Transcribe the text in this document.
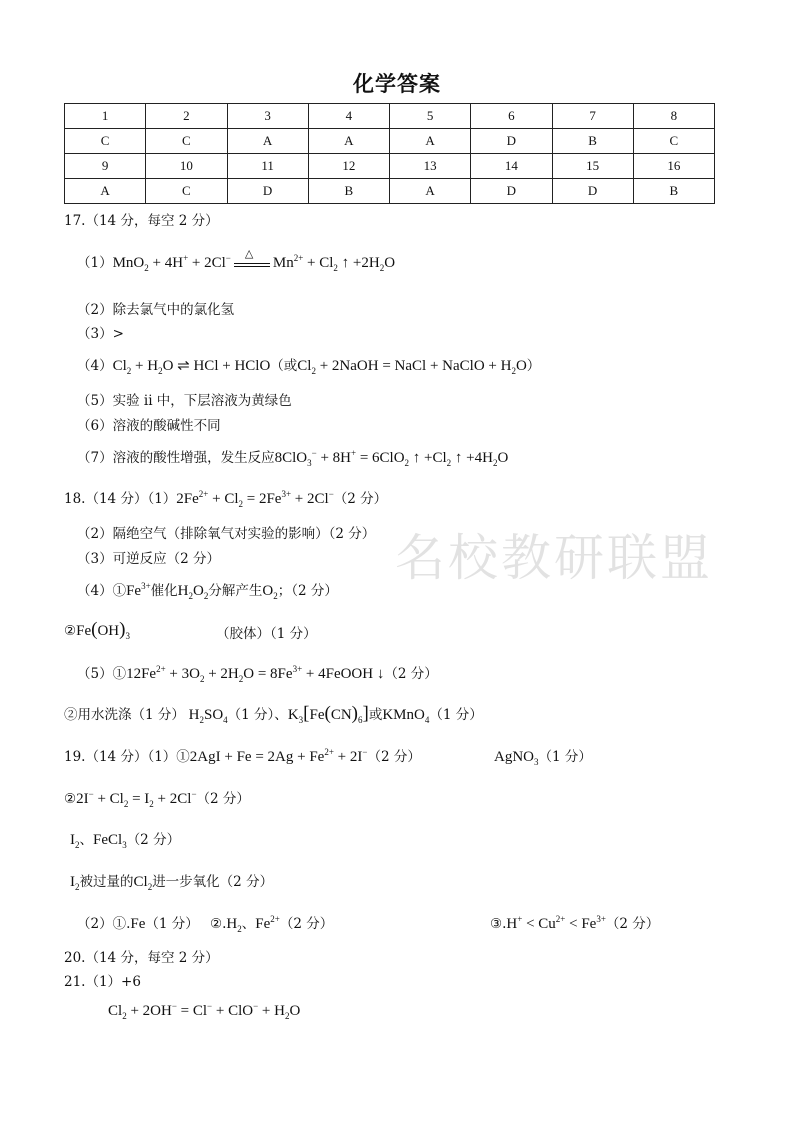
化学答案
名校教研联盟
1	2	3	4	5	6	7	8
C	C	A	A	A	D	B	C
9	10	11	12	13	14	15	16
A	C	D	B	A	D	D	B
17.（14 分，每空 2 分）
（1）MnO$_2$ + 4H+ + 2Cl− △
$Mn^{2+} + Cl_2$ ↑ $+2H_2O$
（2）除去氯气中的氯化氢
（3）>
$(4)Cl_2 + H_2O$ ⇌ HCl + HClO（或$Cl_2$ + 2NaOH = NaCl + NaClO + $H_2O$）
（5）实验 ii 中，下层溶液为黄绿色
（6）溶液的酸碱性不同
（7）溶液的酸性增强，发生反应8ClO$_3$− + 8H+ = 6ClO$_2$ ↑ $+Cl_2$ ↑ $+4H_2O$
18.（14 分）$(1)2Fe^{2+} + Cl_2 = 2Fe^{3+} + 2Cl^-(2$ 分）
（2）隔绝空气（排除氧气对实验的影响）（2 分）
（3）可逆反应（2 分）
$(4)①Fe^{3+}$催化$H_2O_2$分解产生$O_2$；（2 分）
$②Fe(OH)_3$	（胶体）（1 分）
$(5)①12Fe^{2+} + 3O_2 + 2H_2O = 8Fe^{3+}$ + 4FeOOH ↓（2 分）
②用水洗涤（1 分） $H_2SO_4(1$ 分）、$K_3[Fe(CN)_6]$或KMnO$_4$（1 分）
19.（14 分）（1）①2AgI + $Fe = 2Ag + Fe^{2+} + 2I^-(2$ 分）	AgNO$_3$（1 分）
②2I− + $Cl_2 = I_2 + 2Cl^-(2$ 分）
$I_2$、FeCl$_3$（2 分）
$I_2$被过量的$Cl_2$进一步氧化（2 分）
（2）①.Fe（1 分） $②.H_2$、$Fe^{2+}(2$ 分）	③.H+ < $Cu^{2+} < Fe^{3+}(2$ 分）
20.（14 分，每空 2 分）
21.（1）+6
$Cl_2 + 2OH^- = Cl^- + ClO^- + H_2O$
